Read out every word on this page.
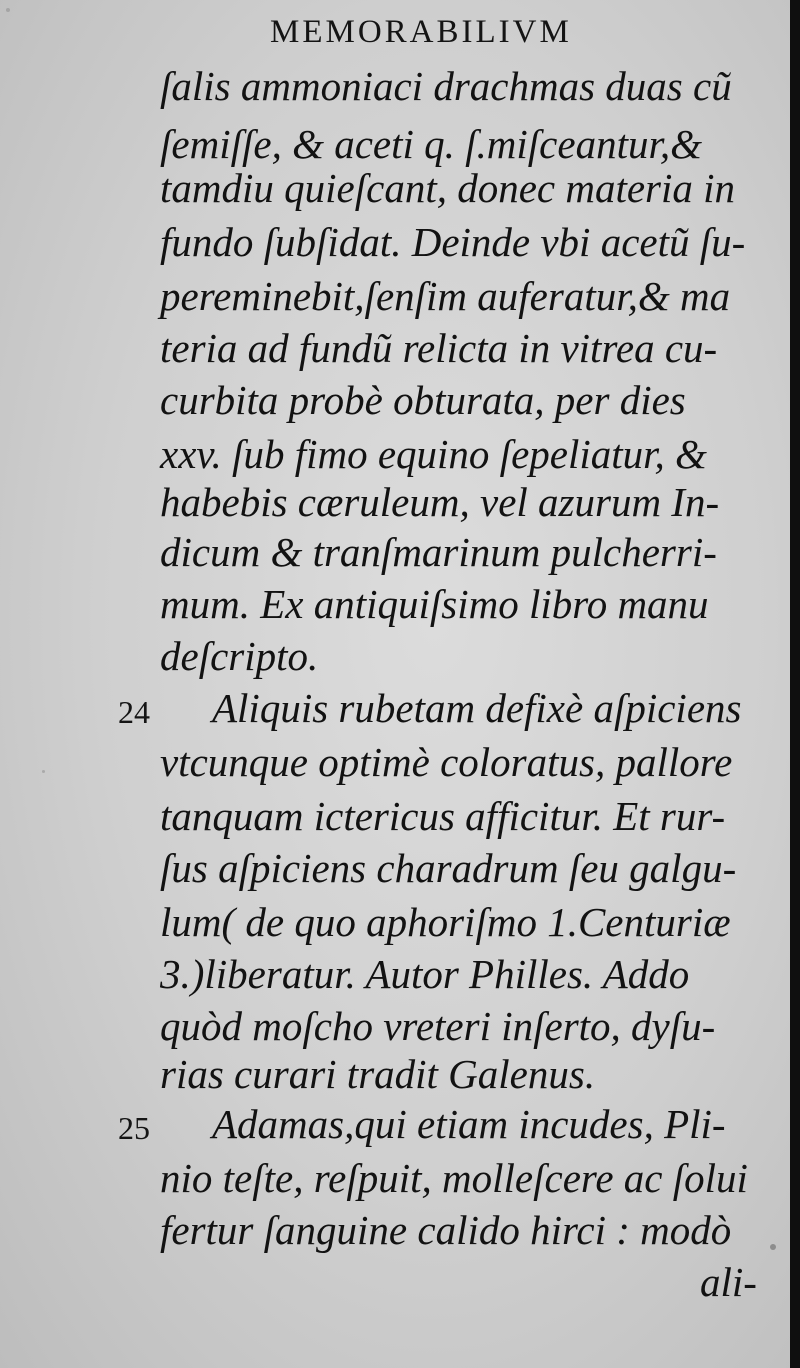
MEMORABILIVM
ſalis ammoniaci drachmas duas cũ
ſemiſſe, & aceti q. ſ.miſceantur,&
tamdiu quieſcant, donec materia in
fundo ſubſidat. Deinde vbi acetũ ſu-
pereminebit,ſenſim auferatur,& ma
teria ad fundũ relicta in vitrea cu-
curbita probè obturata, per dies
xxv. ſub fimo equino ſepeliatur, &
habebis cæruleum, vel azurum In-
dicum & tranſmarinum pulcherri-
mum. Ex antiquiſsimo libro manu
deſcripto.
24 Aliquis rubetam defixè aſpiciens
vtcunque optimè coloratus, pallore
tanquam ictericus afficitur. Et rur-
ſus aſpiciens charadrum ſeu galgu-
lum( de quo aphoriſmo 1.Centuriæ
3.)liberatur. Autor Philles. Addo
quòd moſcho vreteri inſerto, dyſu-
rias curari tradit Galenus.
25 Adamas,qui etiam incudes, Pli-
nio teſte, reſpuit, molleſcere ac ſolui
fertur ſanguine calido hirci : modò
ali-
